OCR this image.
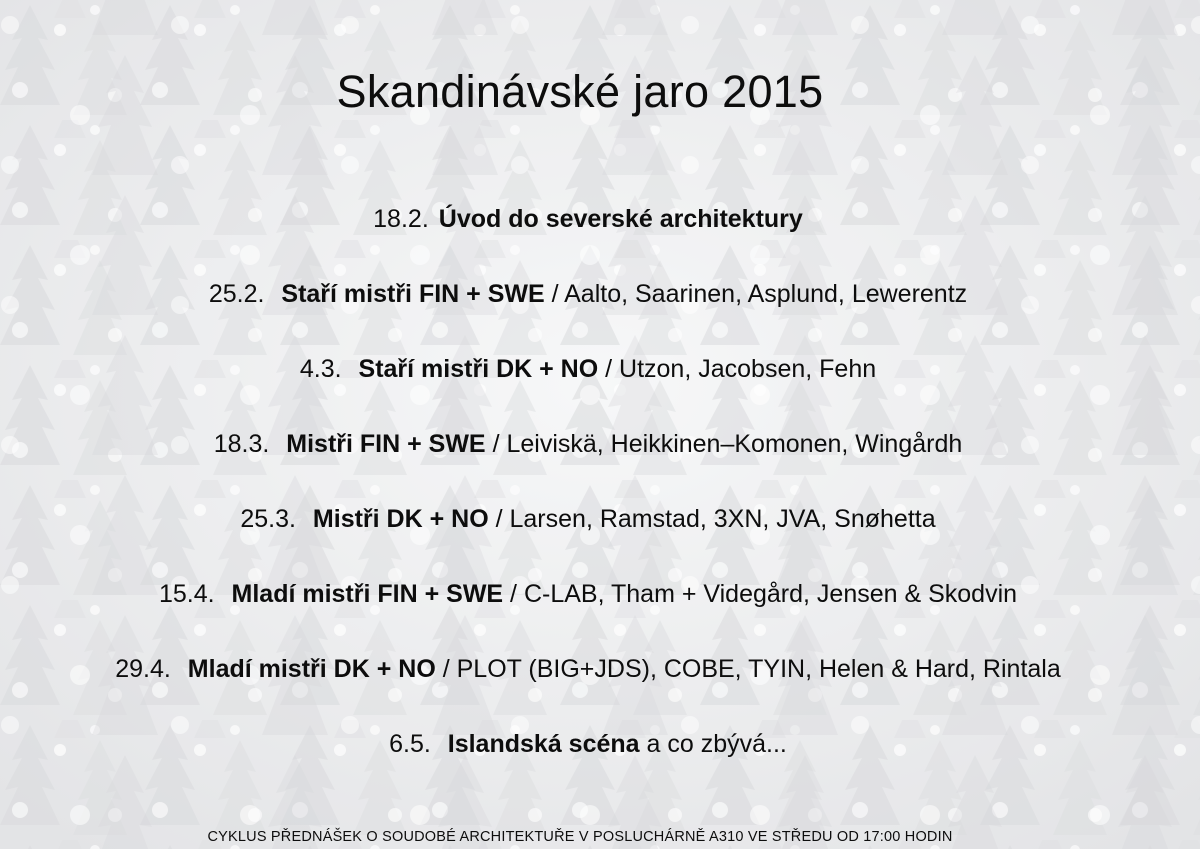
Skandinávské jaro 2015
18.2. Úvod do severské architektury
25.2. Staří mistři FIN + SWE / Aalto, Saarinen, Asplund, Lewerentz
4.3. Staří mistři DK + NO / Utzon, Jacobsen, Fehn
18.3. Mistři FIN + SWE / Leiviskä, Heikkinen–Komonen, Wingårdh
25.3. Mistři DK + NO / Larsen, Ramstad, 3XN, JVA, Snøhetta
15.4. Mladí mistři FIN + SWE / C-LAB, Tham + Videgård, Jensen & Skodvin
29.4. Mladí mistři DK + NO / PLOT (BIG+JDS), COBE, TYIN, Helen & Hard, Rintala
6.5. Islandská scéna a co zbývá...
CYKLUS PŘEDNÁŠEK O SOUDOBÉ ARCHITEKTUŘE V POSLUCHÁRNĚ A310 VE STŘEDU OD 17:00 HODIN
